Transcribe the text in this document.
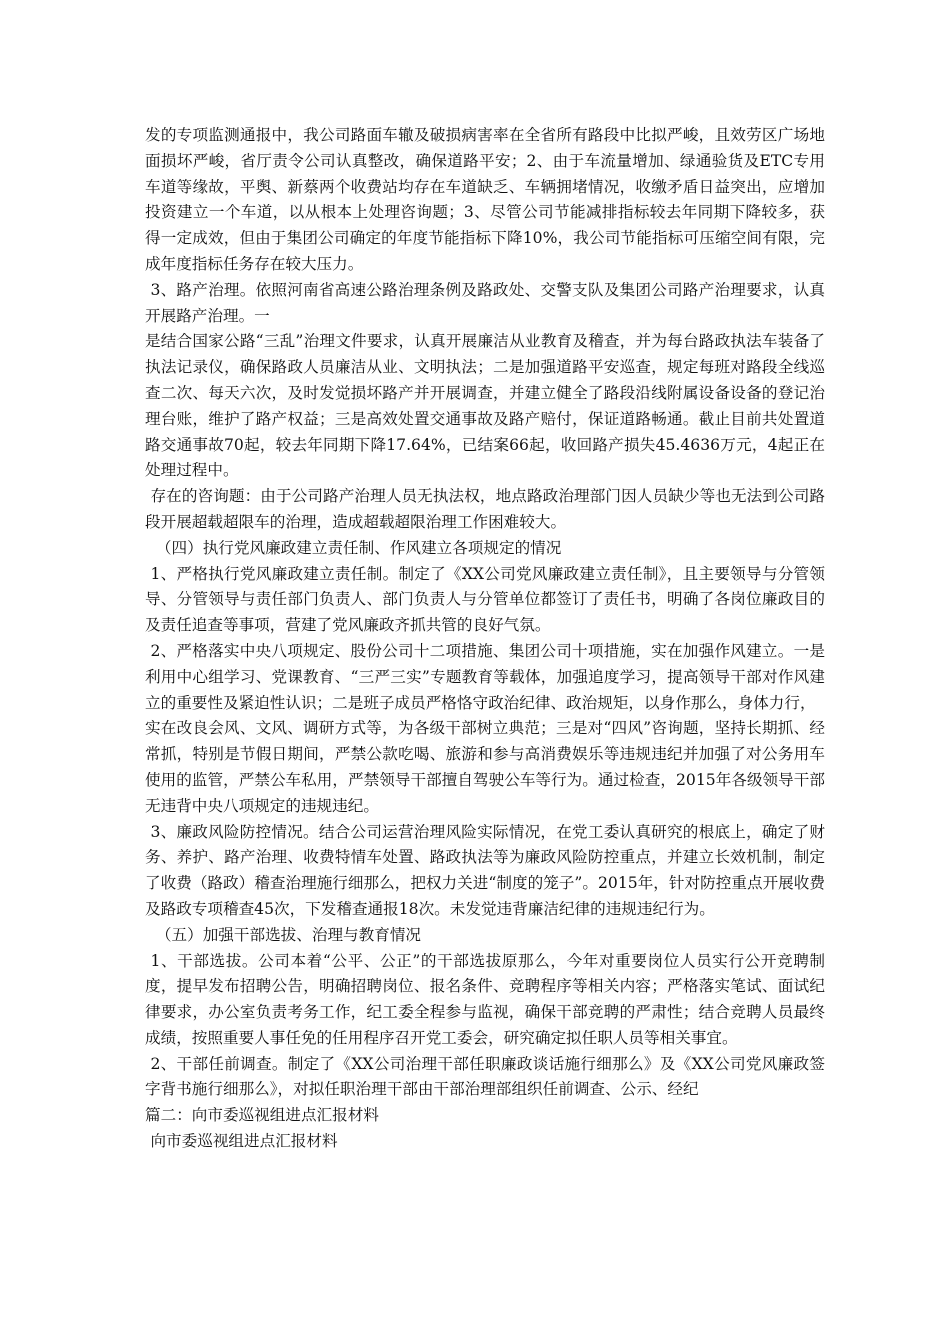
发的专项监测通报中，我公司路面车辙及破损病害率在全省所有路段中比拟严峻，且效劳区广场地面损坏严峻，省厅责令公司认真整改，确保道路平安；2、由于车流量增加、绿通验货及ETC专用车道等缘故，平舆、新蔡两个收费站均存在车道缺乏、车辆拥堵情况，收缴矛盾日益突出，应增加投资建立一个车道，以从根本上处理咨询题；3、尽管公司节能减排指标较去年同期下降较多，获得一定成效，但由于集团公司确定的年度节能指标下降10%，我公司节能指标可压缩空间有限，完成年度指标任务存在较大压力。

3、路产治理。依照河南省高速公路治理条例及路政处、交警支队及集团公司路产治理要求，认真开展路产治理。一

是结合国家公路“三乱”治理文件要求，认真开展廉洁从业教育及稽查，并为每台路政执法车装备了执法记录仪，确保路政人员廉洁从业、文明执法；二是加强道路平安巡查，规定每班对路段全线巡查二次、每天六次，及时发觉损坏路产并开展调查，并建立健全了路段沿线附属设备设备的登记治理台账，维护了路产权益；三是高效处置交通事故及路产赔付，保证道路畅通。截止目前共处置道路交通事故70起，较去年同期下降17.64%，已结案66起，收回路产损失45.4636万元，4起正在处理过程中。

存在的咨询题：由于公司路产治理人员无执法权，地点路政治理部门因人员缺少等也无法到公司路段开展超载超限车的治理，造成超载超限治理工作困难较大。

（四）执行党风廉政建立责任制、作风建立各项规定的情况

1、严格执行党风廉政建立责任制。制定了《XX公司党风廉政建立责任制》，且主要领导与分管领导、分管领导与责任部门负责人、部门负责人与分管单位都签订了责任书，明确了各岗位廉政目的及责任追查等事项，营建了党风廉政齐抓共管的良好气氛。

2、严格落实中央八项规定、股份公司十二项措施、集团公司十项措施，实在加强作风建立。一是利用中心组学习、党课教育、“三严三实”专题教育等载体，加强追度学习，提高领导干部对作风建立的重要性及紧迫性认识；二是班子成员严格恪守政治纪律、政治规矩，以身作那么，身体力行，

实在改良会风、文风、调研方式等，为各级干部树立典范；三是对“四风”咨询题，坚持长期抓、经常抓，特别是节假日期间，严禁公款吃喝、旅游和参与高消费娱乐等违规违纪并加强了对公务用车使用的监管，严禁公车私用，严禁领导干部擅自驾驶公车等行为。通过检查，2015年各级领导干部无违背中央八项规定的违规违纪。

3、廉政风险防控情况。结合公司运营治理风险实际情况，在党工委认真研究的根底上，确定了财务、养护、路产治理、收费特情车处置、路政执法等为廉政风险防控重点，并建立长效机制，制定了收费（路政）稽查治理施行细那么，把权力关进“制度的笼子”。2015年，针对防控重点开展收费及路政专项稽查45次，下发稽查通报18次。未发觉违背廉洁纪律的违规违纪行为。

（五）加强干部选拔、治理与教育情况

1、干部选拔。公司本着“公平、公正”的干部选拔原那么，今年对重要岗位人员实行公开竞聘制度，提早发布招聘公告，明确招聘岗位、报名条件、竞聘程序等相关内容；严格落实笔试、面试纪律要求，办公室负责考务工作，纪工委全程参与监视，确保干部竞聘的严肃性；结合竞聘人员最终成绩，按照重要人事任免的任用程序召开党工委会，研究确定拟任职人员等相关事宜。

2、干部任前调查。制定了《XX公司治理干部任职廉政谈话施行细那么》及《XX公司党风廉政签字背书施行细那么》，对拟任职治理干部由干部治理部组织任前调查、公示、经纪

篇二：向市委巡视组进点汇报材料

向市委巡视组进点汇报材料
